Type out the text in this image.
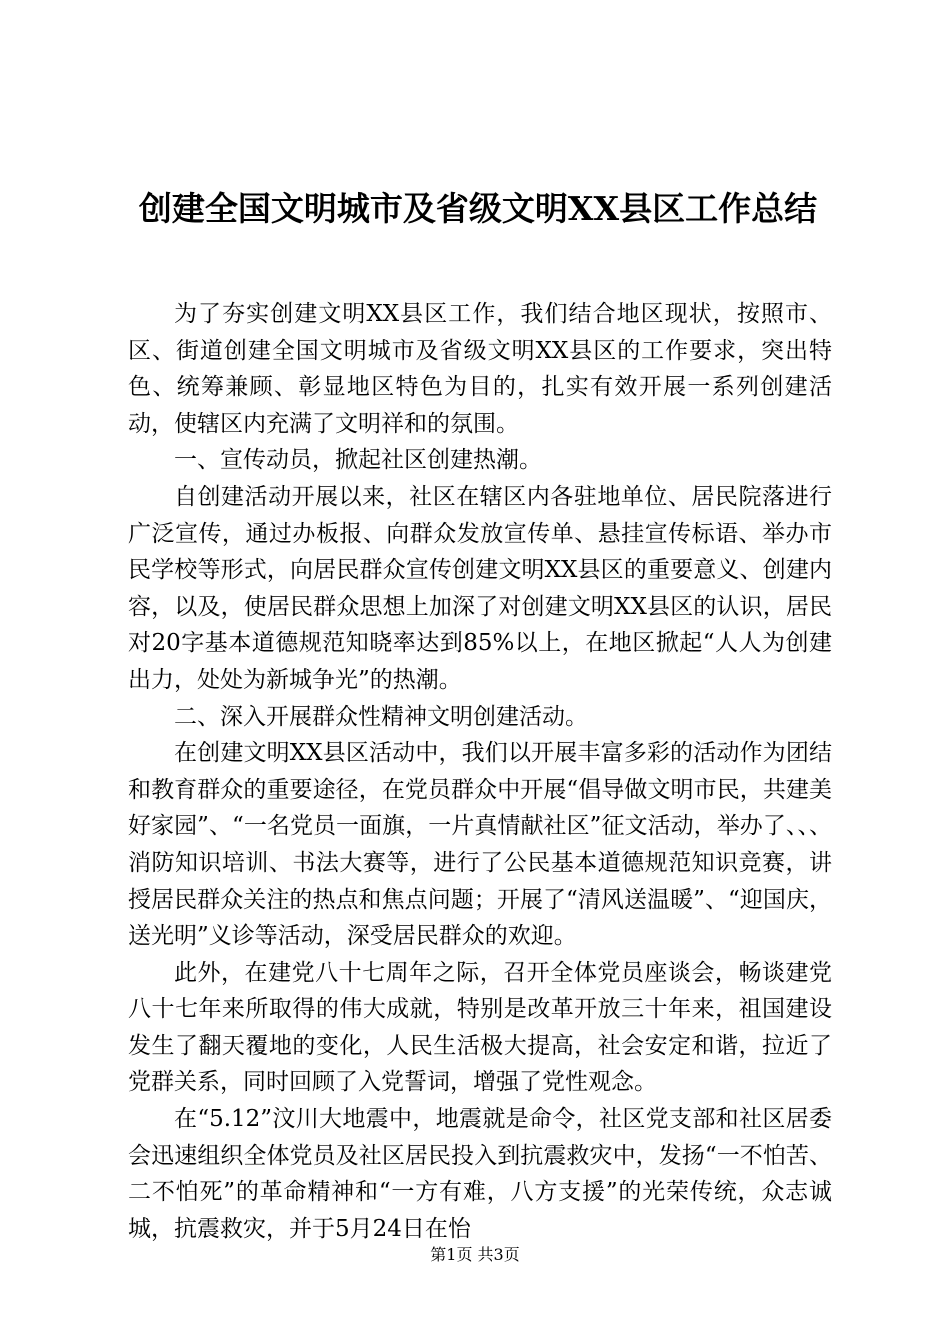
创建全国文明城市及省级文明XX县区工作总结

为了夯实创建文明XX县区工作，我们结合地区现状，按照市、区、街道创建全国文明城市及省级文明XX县区的工作要求，突出特色、统筹兼顾、彰显地区特色为目的，扎实有效开展一系列创建活动，使辖区内充满了文明祥和的氛围。

一、宣传动员，掀起社区创建热潮。

自创建活动开展以来，社区在辖区内各驻地单位、居民院落进行广泛宣传，通过办板报、向群众发放宣传单、悬挂宣传标语、举办市民学校等形式，向居民群众宣传创建文明XX县区的重要意义、创建内容，以及，使居民群众思想上加深了对创建文明XX县区的认识，居民对20字基本道德规范知晓率达到85%以上，在地区掀起“人人为创建出力，处处为新城争光”的热潮。

二、深入开展群众性精神文明创建活动。

在创建文明XX县区活动中，我们以开展丰富多彩的活动作为团结和教育群众的重要途径，在党员群众中开展“倡导做文明市民，共建美好家园”、“一名党员一面旗，一片真情献社区”征文活动，举办了、、、消防知识培训、书法大赛等，进行了公民基本道德规范知识竞赛，讲授居民群众关注的热点和焦点问题；开展了“清风送温暖”、“迎国庆，送光明”义诊等活动，深受居民群众的欢迎。

此外，在建党八十七周年之际，召开全体党员座谈会，畅谈建党八十七年来所取得的伟大成就，特别是改革开放三十年来，祖国建设发生了翻天覆地的变化，人民生活极大提高，社会安定和谐，拉近了党群关系，同时回顾了入党誓词，增强了党性观念。

在“5.12”汶川大地震中，地震就是命令，社区党支部和社区居委会迅速组织全体党员及社区居民投入到抗震救灾中，发扬“一不怕苦、二不怕死”的革命精神和“一方有难，八方支援”的光荣传统，众志诚城，抗震救灾，并于5月24日在怡

第1页 共3页
